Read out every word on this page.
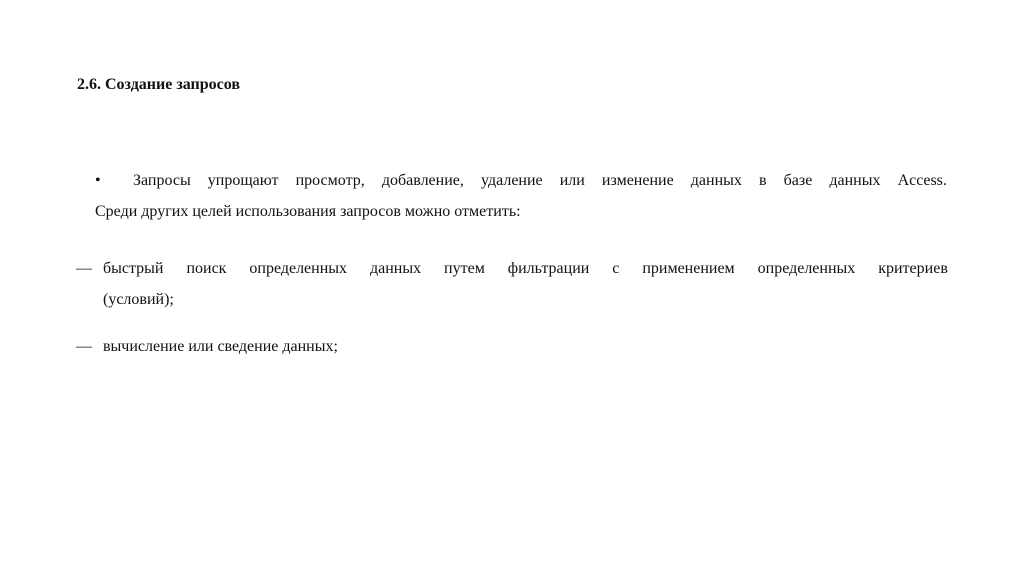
2.6. Создание запросов
•	Запросы упрощают просмотр, добавление, удаление или изменение данных в базе данных Access.
Среди других целей использования запросов можно отметить:
— быстрый поиск определенных данных путем фильтрации с применением определенных критериев
(условий);
— вычисление или сведение данных;
